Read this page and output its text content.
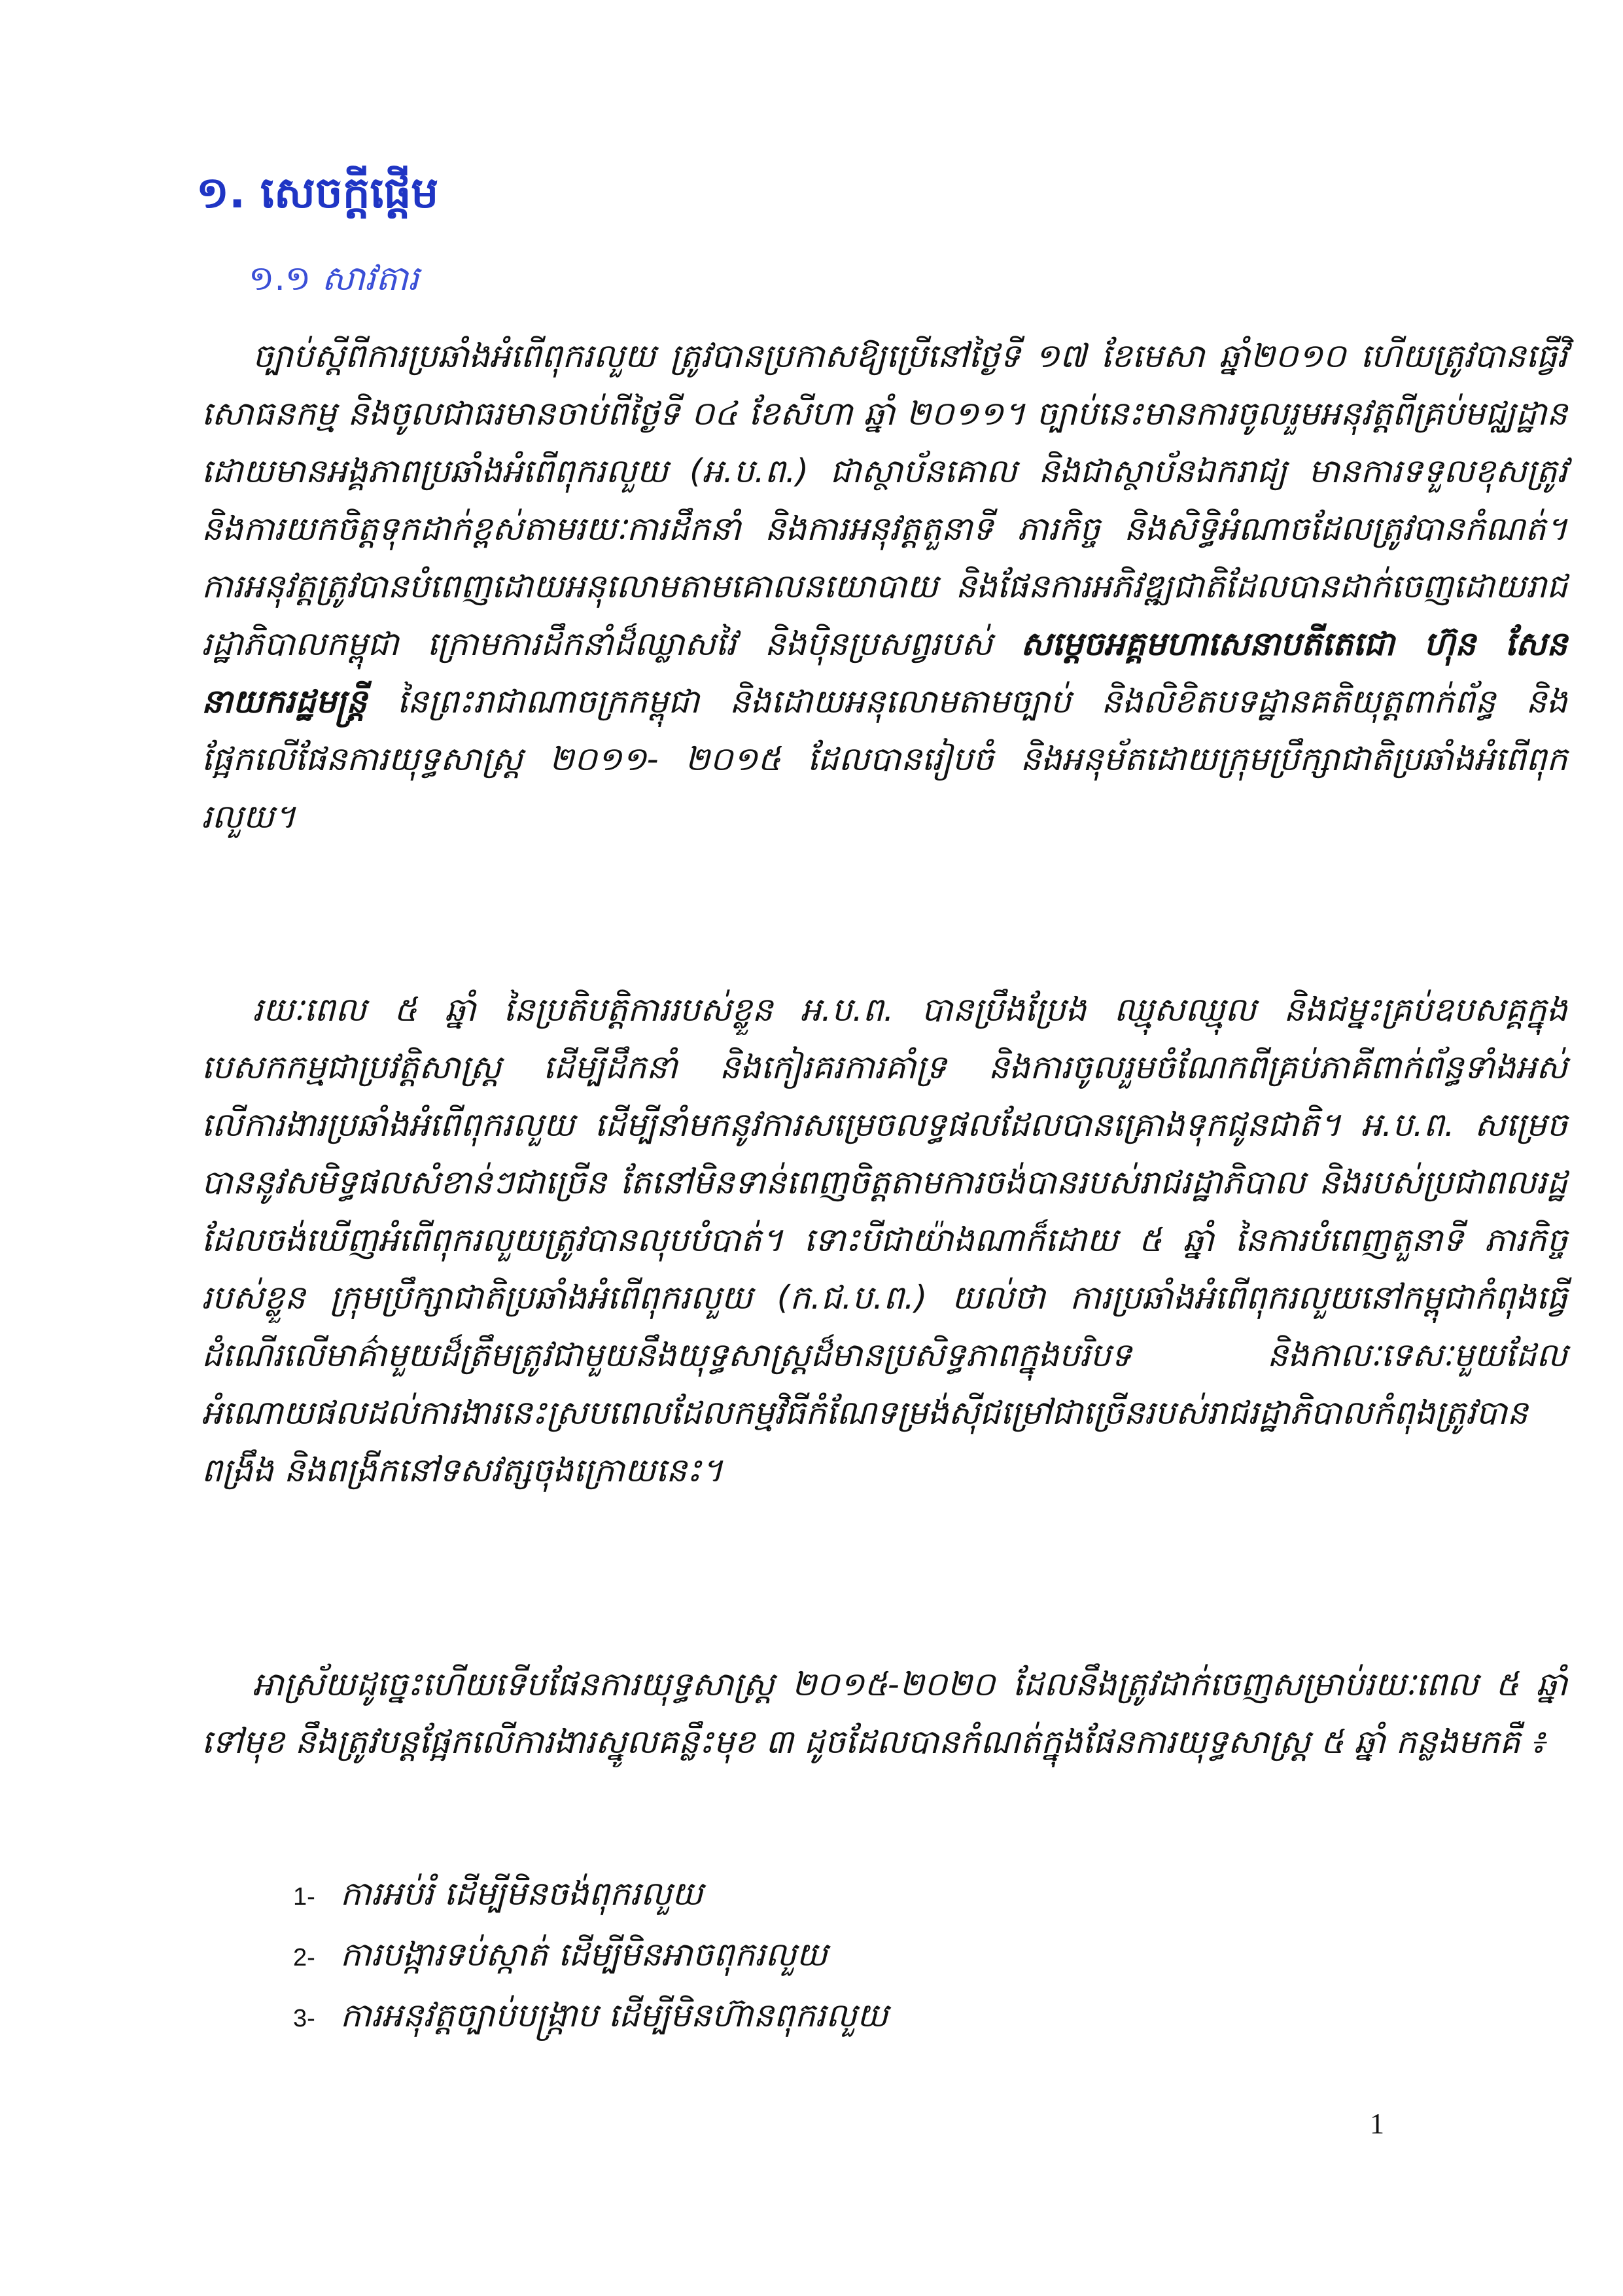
១. សេចក្តីផ្តើម
១.១ សាវតារ

ច្បាប់ស្តីពីការប្រឆាំងអំពើពុករលួយ ត្រូវបានប្រកាសឱ្យប្រើនៅថ្ងៃទី ១៧ ខែមេសា ឆ្នាំ២០១០ ហើយត្រូវបានធ្វើវិសោធនកម្ម និងចូលជាធរមានចាប់ពីថ្ងៃទី ០៤ ខែសីហា ឆ្នាំ ២០១១។ ច្បាប់នេះមានការចូលរួមអនុវត្តពីគ្រប់មជ្ឈដ្ឋានដោយមានអង្គភាពប្រឆាំងអំពើពុករលួយ (អ.ប.ព.) ជាស្ថាប័នគោល និងជាស្ថាប័នឯករាជ្យ មានការទទួលខុសត្រូវ និងការយកចិត្តទុកដាក់ខ្ពស់តាមរយៈការដឹកនាំ និងការអនុវត្តតួនាទី ភារកិច្ច និងសិទ្ធិអំណាចដែលត្រូវបានកំណត់។ ការអនុវត្តត្រូវបានបំពេញដោយអនុលោមតាមគោលនយោបាយ និងផែនការអភិវឌ្ឍជាតិដែលបានដាក់ចេញដោយរាជរដ្ឋាភិបាលកម្ពុជា ក្រោមការដឹកនាំដ៏ឈ្លាសវៃ និងប៉ិនប្រសព្វរបស់ សម្តេចអគ្គមហាសេនាបតីតេជោ ហ៊ុន សែន នាយករដ្ឋមន្ត្រី នៃព្រះរាជាណាចក្រកម្ពុជា និងដោយអនុលោមតាមច្បាប់ និងលិខិតបទដ្ឋានគតិយុត្តពាក់ព័ន្ធ និងផ្អែកលើផែនការយុទ្ធសាស្ត្រ ២០១១- ២០១៥ ដែលបានរៀបចំ និងអនុម័តដោយក្រុមប្រឹក្សាជាតិប្រឆាំងអំពើពុករលួយ។

រយៈពេល ៥ ឆ្នាំ នៃប្រតិបត្តិការរបស់ខ្លួន អ.ប.ព. បានប្រឹងប្រែង ឈ្មុសឈ្មុល និងជម្នះគ្រប់ឧបសគ្គក្នុងបេសកកម្មជាប្រវត្តិសាស្ត្រ ដើម្បីដឹកនាំ និងកៀរគរការគាំទ្រ និងការចូលរួមចំណែកពីគ្រប់ភាគីពាក់ព័ន្ធទាំងអស់លើការងារប្រឆាំងអំពើពុករលួយ ដើម្បីនាំមកនូវការសម្រេចលទ្ធផលដែលបានគ្រោងទុកជូនជាតិ។ អ.ប.ព. សម្រេចបាននូវសមិទ្ធផលសំខាន់ៗជាច្រើន តែនៅមិនទាន់ពេញចិត្តតាមការចង់បានរបស់រាជរដ្ឋាភិបាល និងរបស់ប្រជាពលរដ្ឋដែលចង់ឃើញអំពើពុករលួយត្រូវបានលុបបំបាត់។ ទោះបីជាយ៉ាងណាក៏ដោយ ៥ ឆ្នាំ នៃការបំពេញតួនាទី ភារកិច្ចរបស់ខ្លួន ក្រុមប្រឹក្សាជាតិប្រឆាំងអំពើពុករលួយ (ក.ជ.ប.ព.) យល់ថា ការប្រឆាំងអំពើពុករលួយនៅកម្ពុជាកំពុងធ្វើដំណើរលើមាគ៌ាមួយដ៏ត្រឹមត្រូវជាមួយនឹងយុទ្ធសាស្ត្រដ៏មានប្រសិទ្ធភាពក្នុងបរិបទ និងកាលៈទេសៈមួយដែលអំណោយផលដល់ការងារនេះស្របពេលដែលកម្មវិធីកំណែទម្រង់ស៊ីជម្រៅជាច្រើនរបស់រាជរដ្ឋាភិបាលកំពុងត្រូវបានពង្រឹង និងពង្រីកនៅទសវត្សចុងក្រោយនេះ។

អាស្រ័យដូច្នេះហើយទើបផែនការយុទ្ធសាស្ត្រ ២០១៥-២០២០ ដែលនឹងត្រូវដាក់ចេញសម្រាប់រយៈពេល ៥ ឆ្នាំ ទៅមុខ នឹងត្រូវបន្តផ្អែកលើការងារស្នូលគន្លឹះមុខ ៣ ដូចដែលបានកំណត់ក្នុងផែនការយុទ្ធសាស្ត្រ ៥ ឆ្នាំ កន្លងមកគឺ ៖

1- ការអប់រំ ដើម្បីមិនចង់ពុករលួយ
2- ការបង្ការទប់ស្កាត់ ដើម្បីមិនអាចពុករលួយ
3- ការអនុវត្តច្បាប់បង្រ្កាប ដើម្បីមិនហ៊ានពុករលួយ
1
